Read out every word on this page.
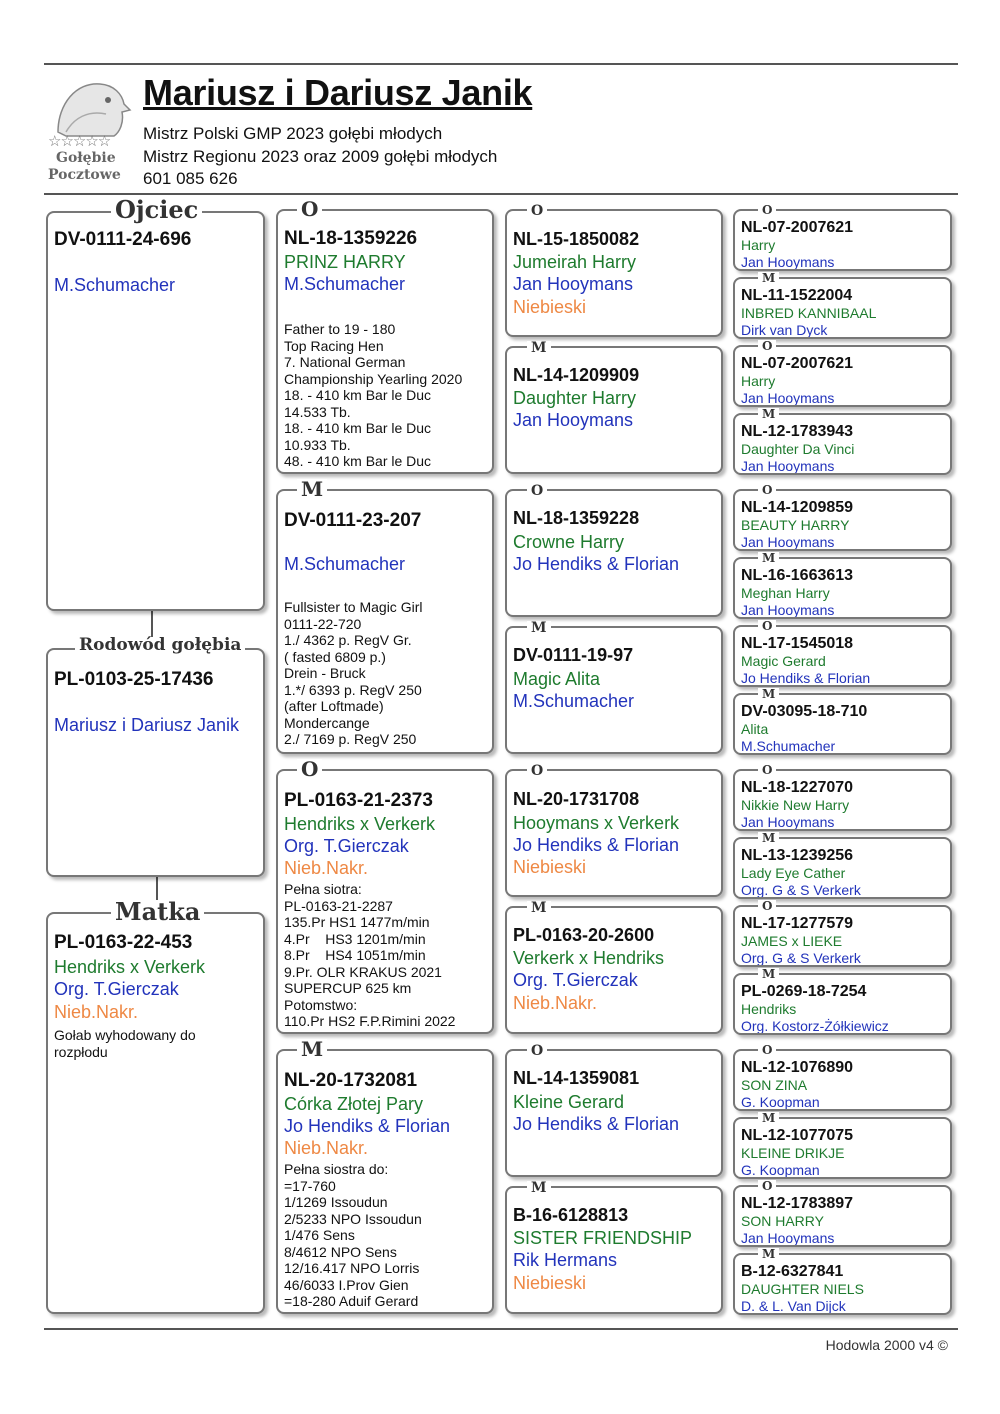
☆☆☆☆☆
Gołębie
Pocztowe
Mariusz i Dariusz Janik
Mistrz Polski GMP 2023 gołębi młodych
Mistrz Regionu 2023 oraz 2009 gołębi młodych
601 085 626
DV-0111-24-696
M.Schumacher
Ojciec
PL-0103-25-17436
Mariusz i Dariusz Janik
Rodowód gołębia
PL-0163-22-453
Hendriks x Verkerk
Org. T.Gierczak
Nieb.Nakr.
Gołab wyhodowany do
rozpłodu
Matka
NL-18-1359226
PRINZ HARRY
M.Schumacher
Father to 19 - 180
Top Racing Hen
7. National German
Championship Yearling 2020
18. - 410 km Bar le Duc
14.533 Tb.
18. - 410 km Bar le Duc
10.933 Tb.
48. - 410 km Bar le Duc
O
DV-0111-23-207
M.Schumacher
Fullsister to Magic Girl
0111-22-720
1./ 4362 p. RegV Gr.
( fasted 6809 p.)
Drein - Bruck
1.*/ 6393 p. RegV 250
(after Loftmade)
Mondercange
2./ 7169 p. RegV 250
M
PL-0163-21-2373
Hendriks x Verkerk
Org. T.Gierczak
Nieb.Nakr.
Pełna siotra:
PL-0163-21-2287
135.Pr HS1 1477m/min
4.Pr    HS3 1201m/min
8.Pr    HS4 1051m/min
9.Pr. OLR KRAKUS 2021
SUPERCUP 625 km
Potomstwo:
110.Pr HS2 F.P.Rimini 2022
O
NL-20-1732081
Córka Złotej Pary
Jo Hendiks & Florian
Nieb.Nakr.
Pełna siostra do:
=17-760
1/1269 Issoudun
2/5233 NPO Issoudun
1/476 Sens
8/4612 NPO Sens
12/16.417 NPO Lorris
46/6033 I.Prov Gien
=18-280 Aduif Gerard
M
NL-15-1850082
Jumeirah Harry
Jan Hooymans
Niebieski
O
NL-14-1209909
Daughter Harry
Jan Hooymans
M
NL-18-1359228
Crowne Harry
Jo Hendiks & Florian
O
DV-0111-19-97
Magic Alita
M.Schumacher
M
NL-20-1731708
Hooymans x Verkerk
Jo Hendiks & Florian
Niebieski
O
PL-0163-20-2600
Verkerk x Hendriks
Org. T.Gierczak
Nieb.Nakr.
M
NL-14-1359081
Kleine Gerard
Jo Hendiks & Florian
O
B-16-6128813
SISTER FRIENDSHIP
Rik Hermans
Niebieski
M
NL-07-2007621
Harry
Jan Hooymans
O
NL-11-1522004
INBRED KANNIBAAL
Dirk van Dyck
M
NL-07-2007621
Harry
Jan Hooymans
O
NL-12-1783943
Daughter Da Vinci
Jan Hooymans
M
NL-14-1209859
BEAUTY HARRY
Jan Hooymans
O
NL-16-1663613
Meghan Harry
Jan Hooymans
M
NL-17-1545018
Magic Gerard
Jo Hendiks & Florian
O
DV-03095-18-710
Alita
M.Schumacher
M
NL-18-1227070
Nikkie New Harry
Jan Hooymans
O
NL-13-1239256
Lady Eye Cather
Org. G & S Verkerk
M
NL-17-1277579
JAMES x LIEKE
Org. G & S Verkerk
O
PL-0269-18-7254
Hendriks
Org. Kostorz-Żółkiewicz
M
NL-12-1076890
SON ZINA
G. Koopman
O
NL-12-1077075
KLEINE DRIKJE
G. Koopman
M
NL-12-1783897
SON HARRY
Jan Hooymans
O
B-12-6327841
DAUGHTER NIELS
D. & L. Van Dijck
M
Hodowla 2000 v4 ©
